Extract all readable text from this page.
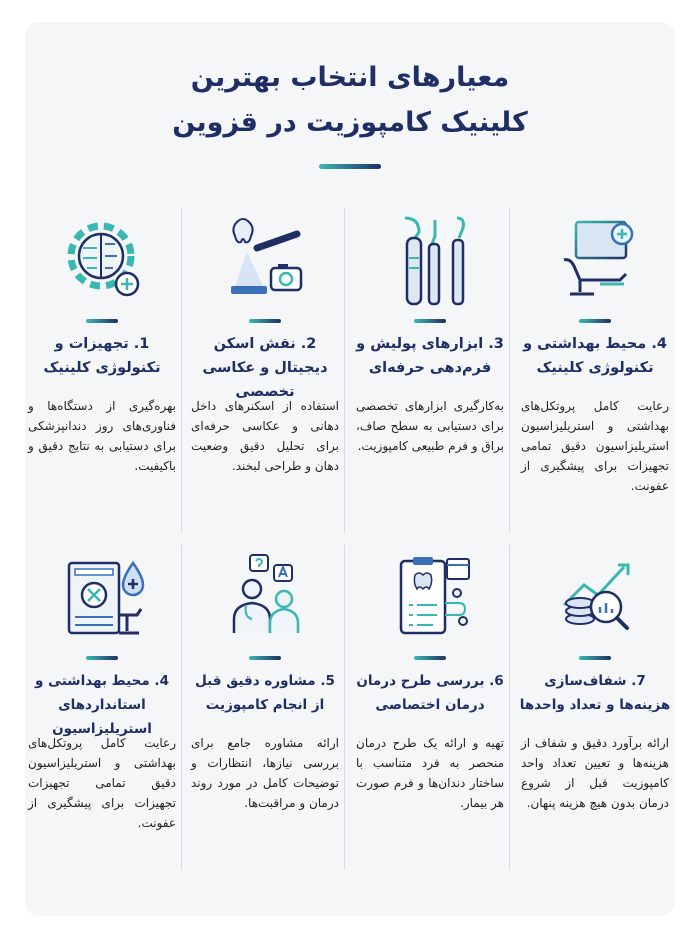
معیارهای انتخاب بهترین
کلینیک کامپوزیت در قزوین
4. محیط بهداشتی و تکنولوژی کلینیک
رعایت کامل پروتکل‌های بهداشتی و استریلیزاسیون استریلیزاسیون دقیق تمامی تجهیزات برای پیشگیری از عفونت.
3. ابزارهای پولیش و فرم‌دهی حرفه‌ای
به‌کارگیری ابزارهای تخصصی برای دستیابی به سطح صاف، براق و فرم طبیعی کامپوزیت.
2. نقش اسکن دیجیتال و عکاسی تخصصی
استفاده از اسکنرهای داخل دهانی و عکاسی حرفه‌ای برای تحلیل دقیق وضعیت دهان و طراحی لبخند.
1. تجهیزات و تکنولوژی کلینیک
بهره‌گیری از دستگاه‌ها و فناوری‌های روز دندانپزشکی برای دستیابی به نتایج دقیق و باکیفیت.
7. شفاف‌سازی هزینه‌ها و تعداد واحدها
ارائه برآورد دقیق و شفاف از هزینه‌ها و تعیین تعداد واحد کامپوزیت قبل از شروع درمان بدون هیچ هزینه پنهان.
6. بررسی طرح درمان درمان اختصاصی
تهیه و ارائه یک طرح درمان منحصر به فرد متناسب با ساختار دندان‌ها و فرم صورت هر بیمار.
5. مشاوره دقیق قبل از انجام کامپوزیت
ارائه مشاوره جامع برای بررسی نیازها، انتظارات و توضیحات کامل در مورد روند درمان و مراقبت‌ها.
4. محیط بهداشتی و استانداردهای استریلیزاسیون
رعایت کامل پروتکل‌های بهداشتی و استریلیزاسیون دقیق تمامی تجهیزات تجهیزات برای پیشگیری از عفونت.
